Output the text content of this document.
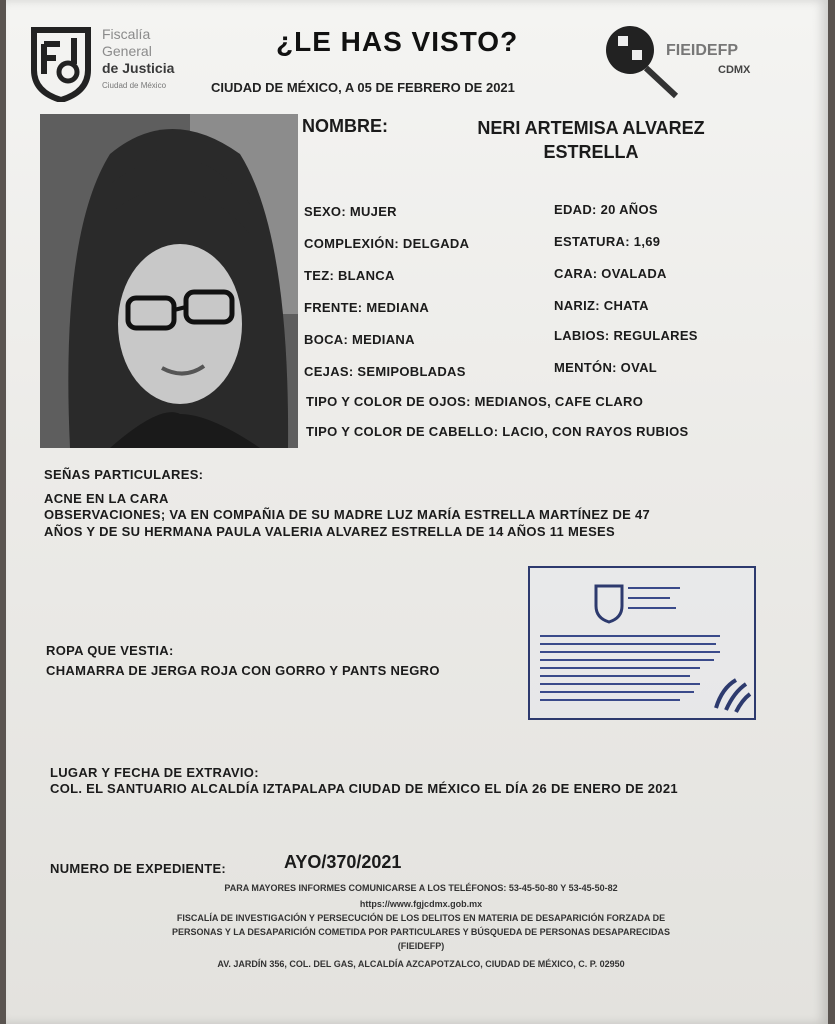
Fiscalía
General
de Justicia
Ciudad de México
¿LE HAS VISTO?
CIUDAD DE MÉXICO, A 05 DE FEBRERO DE 2021
FIEIDEFP
CDMX
NOMBRE:	NERI ARTEMISA ALVAREZ
ESTRELLA
SEXO: MUJER
COMPLEXIÓN: DELGADA
TEZ: BLANCA
FRENTE: MEDIANA
BOCA: MEDIANA
CEJAS: SEMIPOBLADAS
EDAD: 20 AÑOS
ESTATURA: 1,69
CARA: OVALADA
NARIZ: CHATA
LABIOS: REGULARES
MENTÓN: OVAL
TIPO Y COLOR DE OJOS: MEDIANOS, CAFE CLARO
TIPO Y COLOR DE CABELLO: LACIO, CON RAYOS RUBIOS
SEÑAS PARTICULARES:
ACNE EN LA CARA
OBSERVACIONES; VA EN COMPAÑIA DE SU MADRE LUZ MARÍA ESTRELLA MARTÍNEZ DE 47
AÑOS Y DE SU HERMANA PAULA VALERIA ALVAREZ ESTRELLA DE 14 AÑOS 11 MESES
ROPA QUE VESTIA:
CHAMARRA DE JERGA ROJA CON GORRO Y PANTS NEGRO
LUGAR Y FECHA DE EXTRAVIO:
COL. EL SANTUARIO ALCALDÍA IZTAPALAPA CIUDAD DE MÉXICO EL DÍA 26 DE ENERO DE 2021
NUMERO DE EXPEDIENTE:	AYO/370/2021
PARA MAYORES INFORMES COMUNICARSE A LOS TELÉFONOS: 53-45-50-80 Y 53-45-50-82
https://www.fgjcdmx.gob.mx
FISCALÍA DE INVESTIGACIÓN Y PERSECUCIÓN DE LOS DELITOS EN MATERIA DE DESAPARICIÓN FORZADA DE
PERSONAS Y LA DESAPARICIÓN COMETIDA POR PARTICULARES Y BÚSQUEDA DE PERSONAS DESAPARECIDAS
(FIEIDEFP)
AV. JARDÍN 356, COL. DEL GAS, ALCALDÍA AZCAPOTZALCO, CIUDAD DE MÉXICO, C. P. 02950
